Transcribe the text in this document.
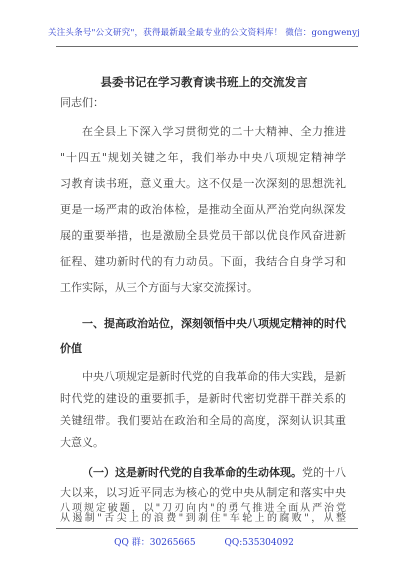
关注头条号"公文研究"，获得最新最全最专业的公文资料库！ 微信：gongwenyj
县委书记在学习教育读书班上的交流发言
同志们：
在全县上下深入学习贯彻党的二十大精神、全力推进
"十四五"规划关键之年，我们举办中央八项规定精神学
习教育读书班，意义重大。这不仅是一次深刻的思想洗礼
更是一场严肃的政治体检，是推动全面从严治党向纵深发
展的重要举措，也是激励全县党员干部以优良作风奋进新
征程、建功新时代的有力动员。下面，我结合自身学习和
工作实际，从三个方面与大家交流探讨。
一、提高政治站位，深刻领悟中央八项规定精神的时代
价值
中央八项规定是新时代党的自我革命的伟大实践，是新
时代党的建设的重要抓手，是新时代密切党群干群关系的
关键纽带。我们要站在政治和全局的高度，深刻认识其重
大意义。
（一）这是新时代党的自我革命的生动体现。党的十八
大以来，以习近平同志为核心的党中央从制定和落实中央
QQ 群：30265665	QQ:535304092
八项规定破题，以"刀刃向内"的勇气推进全面从严治党
从遏制"舌尖上的浪费"到刹住"车轮上的腐败"，从整
